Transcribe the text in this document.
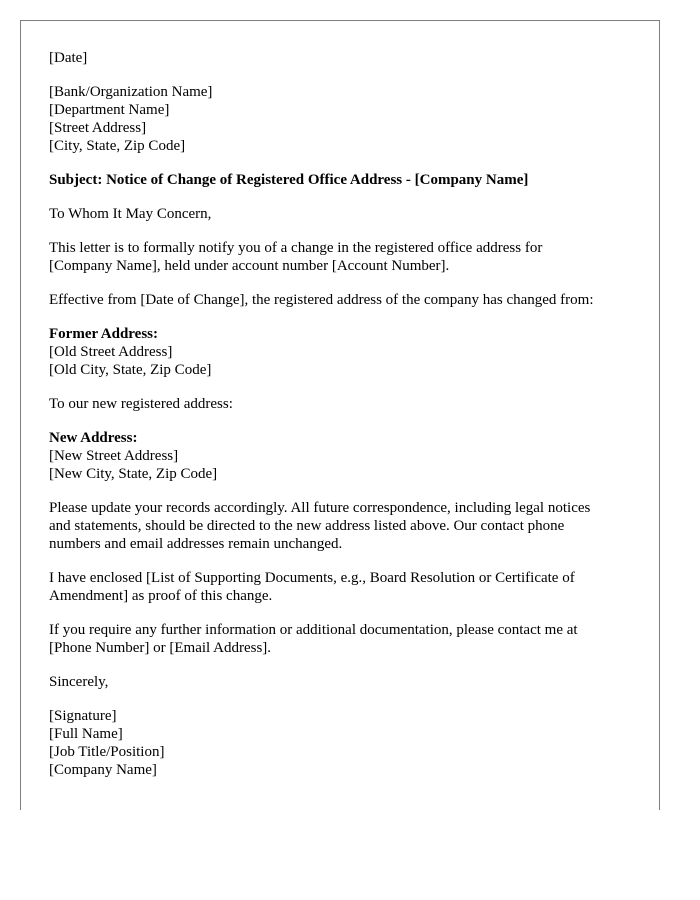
[Date]
[Bank/Organization Name]
[Department Name]
[Street Address]
[City, State, Zip Code]
Subject: Notice of Change of Registered Office Address - [Company Name]
To Whom It May Concern,
This letter is to formally notify you of a change in the registered office address for
[Company Name], held under account number [Account Number].
Effective from [Date of Change], the registered address of the company has changed from:
Former Address:
[Old Street Address]
[Old City, State, Zip Code]
To our new registered address:
New Address:
[New Street Address]
[New City, State, Zip Code]
Please update your records accordingly. All future correspondence, including legal notices
and statements, should be directed to the new address listed above. Our contact phone
numbers and email addresses remain unchanged.
I have enclosed [List of Supporting Documents, e.g., Board Resolution or Certificate of
Amendment] as proof of this change.
If you require any further information or additional documentation, please contact me at
[Phone Number] or [Email Address].
Sincerely,
[Signature]
[Full Name]
[Job Title/Position]
[Company Name]
